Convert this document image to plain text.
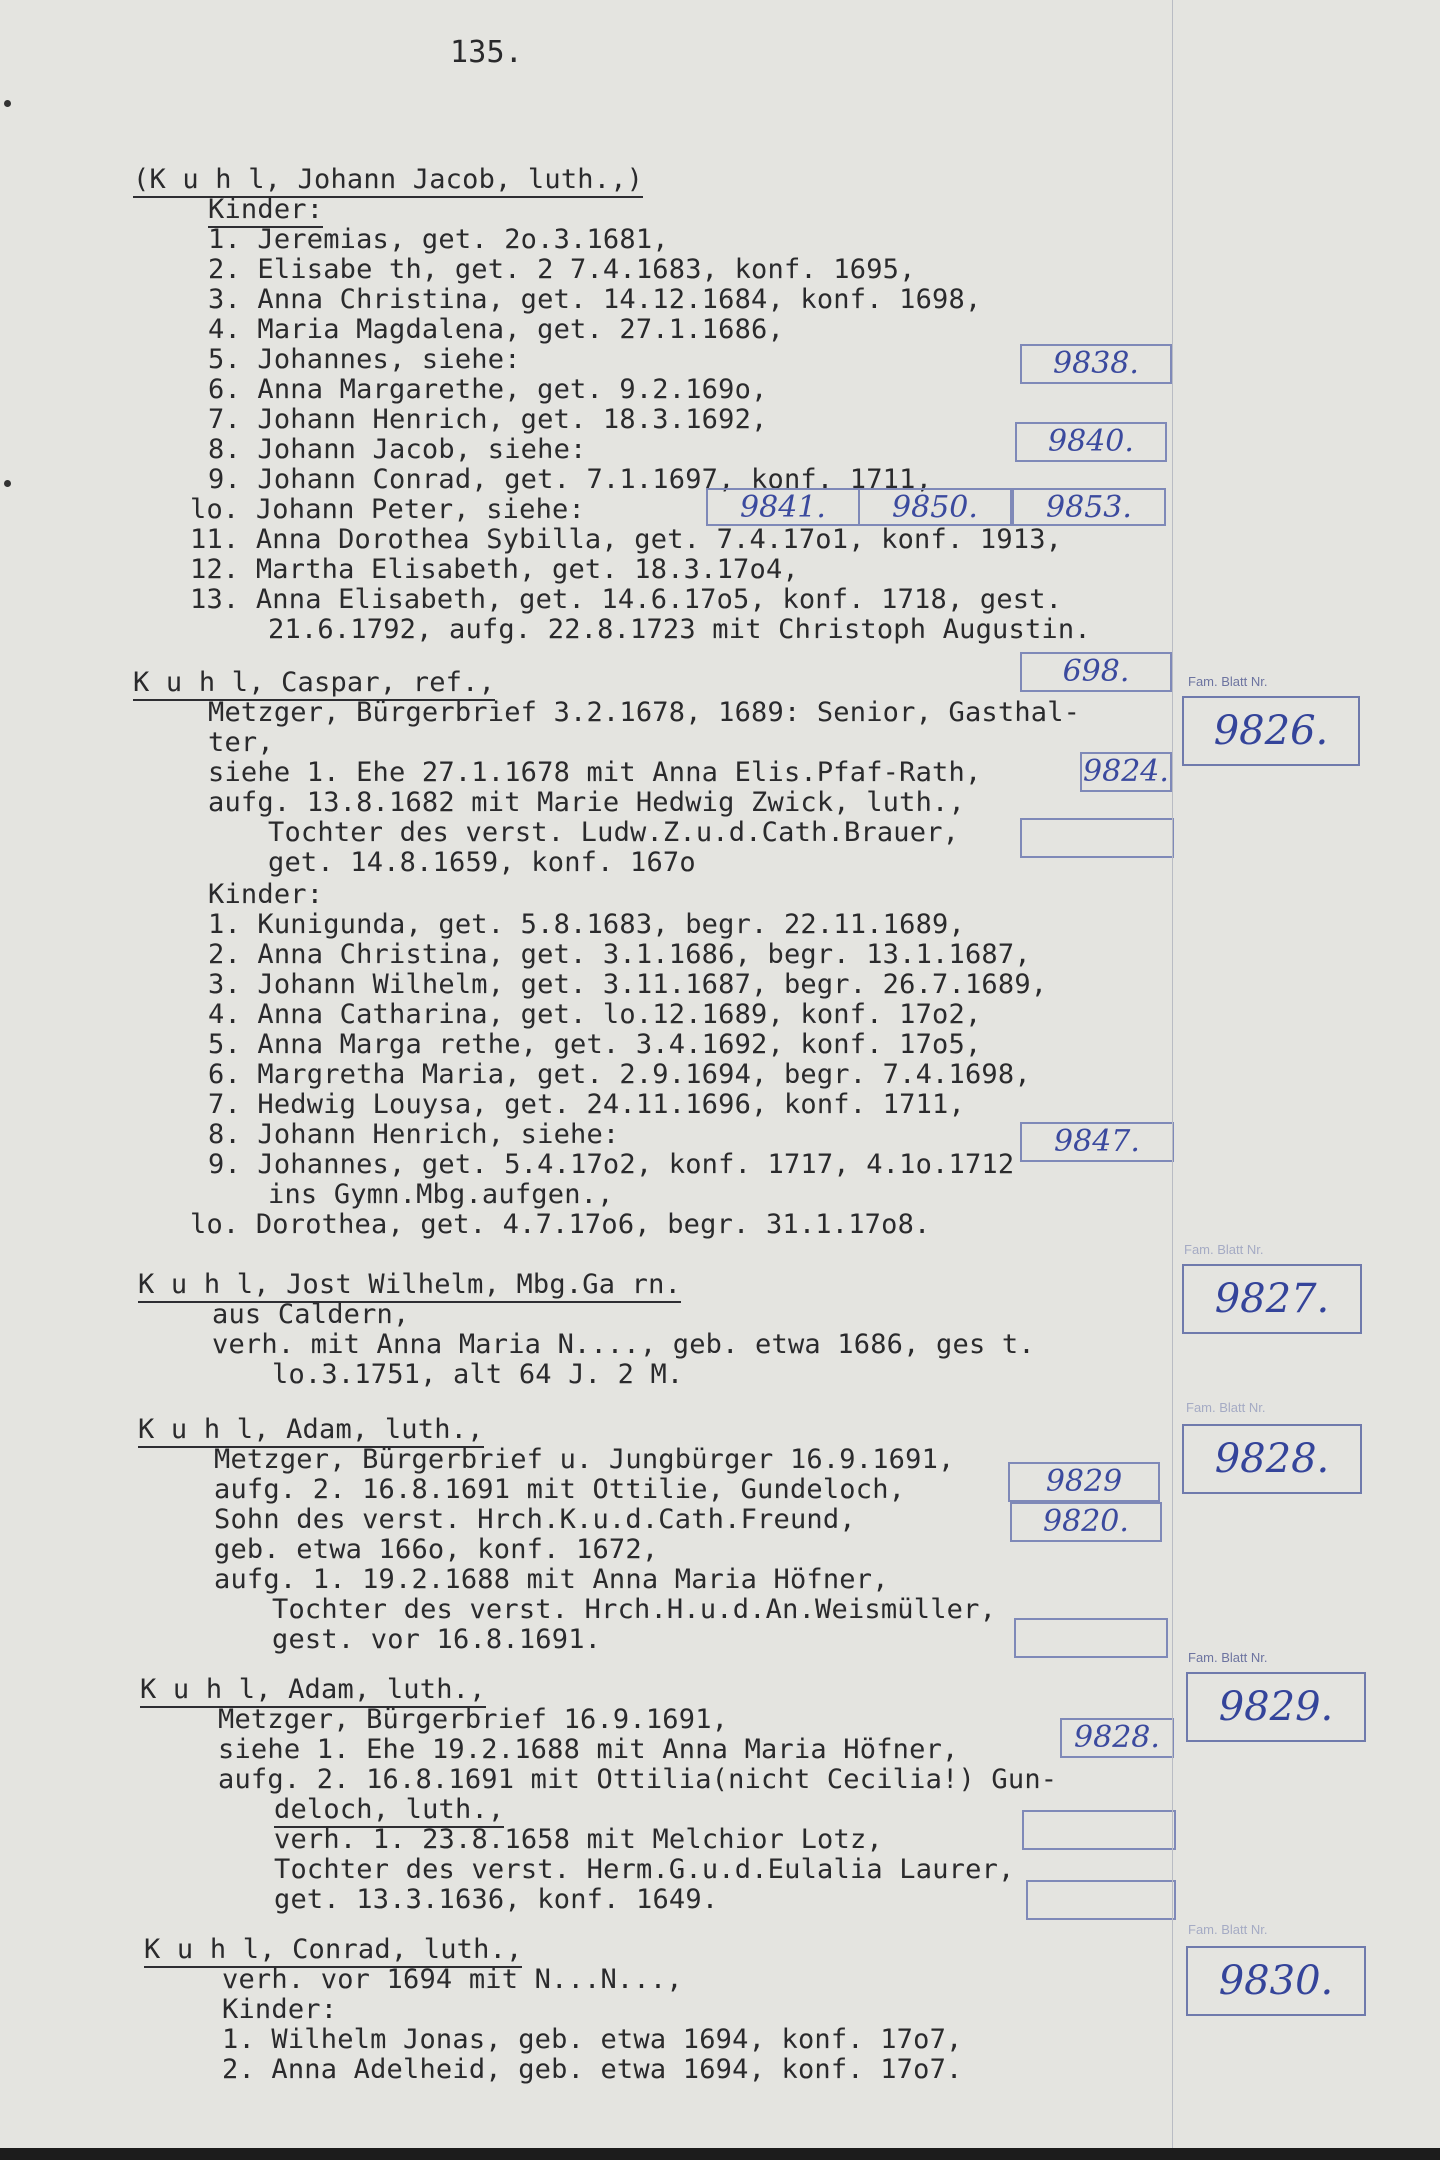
135.
(K u h l, Johann Jacob, luth.,)
Kinder:
1. Jeremias, get. 2o.3.1681,
2. Elisabe th, get. 2 7.4.1683, konf. 1695,
3. Anna Christina, get. 14.12.1684, konf. 1698,
4. Maria Magdalena, get. 27.1.1686,
5. Johannes, siehe:
6. Anna Margarethe, get. 9.2.169o,
7. Johann Henrich, get. 18.3.1692,
8. Johann Jacob, siehe:
9. Johann Conrad, get. 7.1.1697, konf. 1711,
lo. Johann Peter, siehe:
11. Anna Dorothea Sybilla, get. 7.4.17o1, konf. 1913,
12. Martha Elisabeth, get. 18.3.17o4,
13. Anna Elisabeth, get. 14.6.17o5, konf. 1718, gest.
21.6.1792, aufg. 22.8.1723 mit Christoph Augustin.
K u h l, Caspar, ref.,
Metzger, Bürgerbrief 3.2.1678, 1689: Senior, Gasthal-
ter,
siehe 1. Ehe 27.1.1678 mit Anna Elis.Pfaf-Rath,
aufg. 13.8.1682 mit Marie Hedwig Zwick, luth.,
Tochter des verst. Ludw.Z.u.d.Cath.Brauer,
get. 14.8.1659, konf. 167o
Kinder:
1. Kunigunda, get. 5.8.1683, begr. 22.11.1689,
2. Anna Christina, get. 3.1.1686, begr. 13.1.1687,
3. Johann Wilhelm, get. 3.11.1687, begr. 26.7.1689,
4. Anna Catharina, get. lo.12.1689, konf. 17o2,
5. Anna Marga rethe, get. 3.4.1692, konf. 17o5,
6. Margretha Maria, get. 2.9.1694, begr. 7.4.1698,
7. Hedwig Louysa, get. 24.11.1696, konf. 1711,
8. Johann Henrich, siehe:
9. Johannes, get. 5.4.17o2, konf. 1717, 4.1o.1712
ins Gymn.Mbg.aufgen.,
lo. Dorothea, get. 4.7.17o6, begr. 31.1.17o8.
K u h l, Jost Wilhelm, Mbg.Ga rn.
aus Caldern,
verh. mit Anna Maria N...., geb. etwa 1686, ges t.
lo.3.1751, alt 64 J. 2 M.
K u h l, Adam, luth.,
Metzger, Bürgerbrief u. Jungbürger 16.9.1691,
aufg. 2. 16.8.1691 mit Ottilie, Gundeloch,
Sohn des verst. Hrch.K.u.d.Cath.Freund,
geb. etwa 166o, konf. 1672,
aufg. 1. 19.2.1688 mit Anna Maria Höfner,
Tochter des verst. Hrch.H.u.d.An.Weismüller,
gest. vor 16.8.1691.
K u h l, Adam, luth.,
Metzger, Bürgerbrief 16.9.1691,
siehe 1. Ehe 19.2.1688 mit Anna Maria Höfner,
aufg. 2. 16.8.1691 mit Ottilia(nicht Cecilia!) Gun-
deloch, luth.,
verh. 1. 23.8.1658 mit Melchior Lotz,
Tochter des verst. Herm.G.u.d.Eulalia Laurer,
get. 13.3.1636, konf. 1649.
K u h l, Conrad, luth.,
verh. vor 1694 mit N...N...,
Kinder:
1. Wilhelm Jonas, geb. etwa 1694, konf. 17o7,
2. Anna Adelheid, geb. etwa 1694, konf. 17o7.
9838.
9840.
9841.	9850.	9853.
698.
9824.
9847.
9829
9820.
9828.
Fam. Blatt Nr.
9826.
Fam. Blatt Nr.
9827.
Fam. Blatt Nr.
9828.
Fam. Blatt Nr.
9829.
Fam. Blatt Nr.
9830.
